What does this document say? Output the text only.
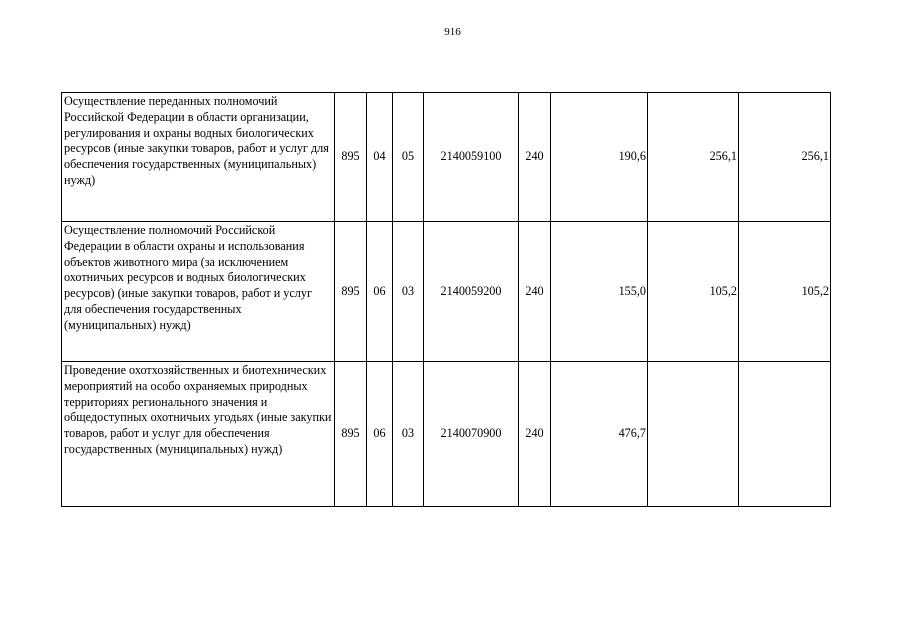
916
Осуществление переданных полномочий Российской Федерации в области организации, регулирования и охраны водных биологических ресурсов (иные закупки товаров, работ и услуг для обеспечения государственных (муниципальных) нужд)	895	04	05	2140059100	240	190,6	256,1	256,1
Осуществление полномочий Российской Федерации в области охраны и использования объектов животного мира (за исключением охотничьих ресурсов и водных биологических ресурсов) (иные закупки товаров, работ и услуг для обеспечения государственных (муниципальных) нужд)	895	06	03	2140059200	240	155,0	105,2	105,2
Проведение охотхозяйственных и биотехнических мероприятий на особо охраняемых природных территориях регионального значения и общедоступных охотничьих угодьях (иные закупки товаров, работ и услуг для обеспечения государственных (муниципальных) нужд)	895	06	03	2140070900	240	476,7		
